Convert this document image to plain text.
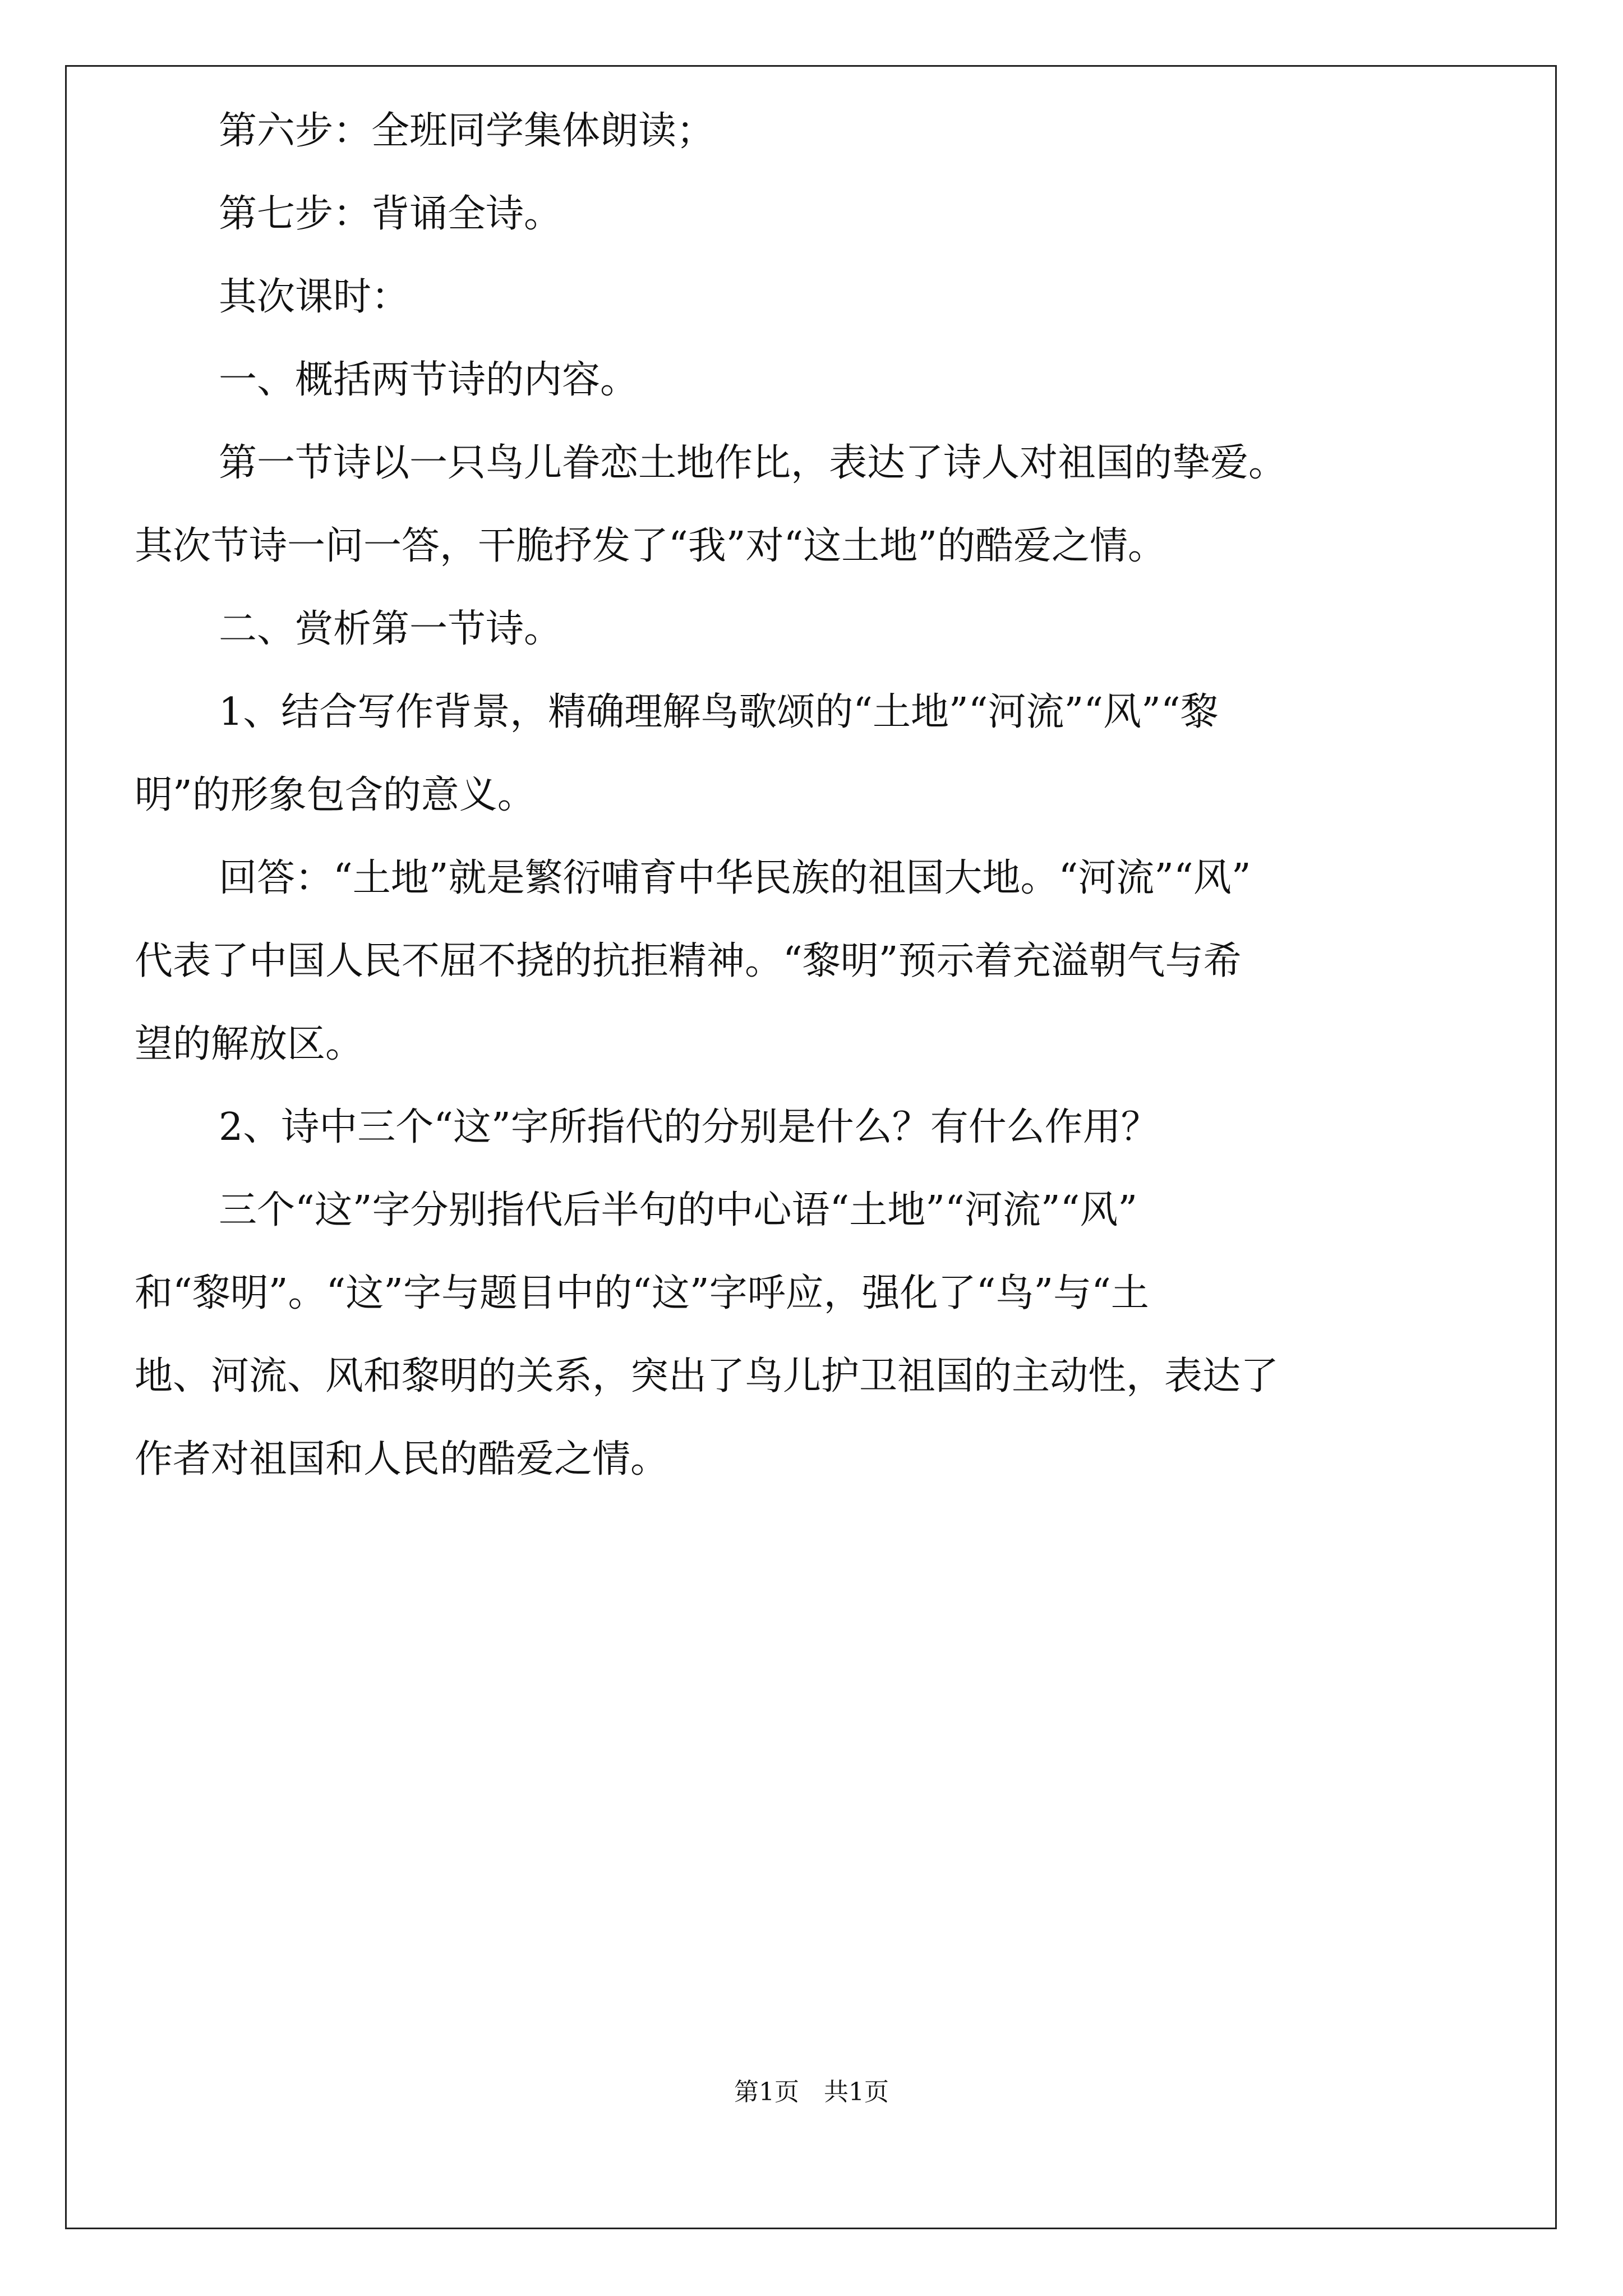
第六步：全班同学集体朗读；

第七步：背诵全诗。

其次课时：

一、概括两节诗的内容。

第一节诗以一只鸟儿眷恋土地作比，表达了诗人对祖国的挚爱。

其次节诗一问一答，干脆抒发了“我”对“这土地”的酷爱之情。

二、赏析第一节诗。

1、结合写作背景，精确理解鸟歌颂的“土地”“河流”“风”“黎

明”的形象包含的意义。

回答：“土地”就是繁衍哺育中华民族的祖国大地。“河流”“风”

代表了中国人民不屈不挠的抗拒精神。“黎明”预示着充溢朝气与希

望的解放区。

2、诗中三个“这”字所指代的分别是什么？有什么作用？

三个“这”字分别指代后半句的中心语“土地”“河流”“风”

和“黎明”。“这”字与题目中的“这”字呼应，强化了“鸟”与“土

地、河流、风和黎明的关系，突出了鸟儿护卫祖国的主动性，表达了

作者对祖国和人民的酷爱之情。

第1页 共1页
